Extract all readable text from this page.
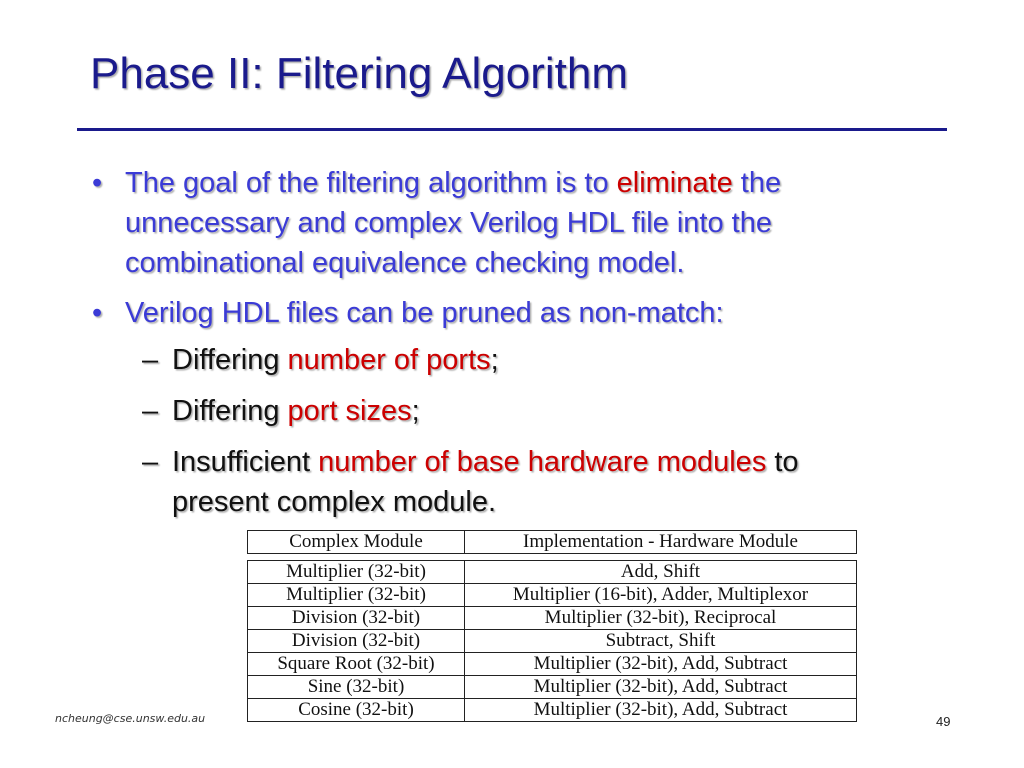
Phase II: Filtering Algorithm
• The goal of the filtering algorithm is to eliminate the
unnecessary and complex Verilog HDL file into the
combinational equivalence checking model.
• Verilog HDL files can be pruned as non-match:
– Differing number of ports;
– Differing port sizes;
– Insufficient number of base hardware modules to
present complex module.
Complex Module	Implementation - Hardware Module

Multiplier (32-bit)	Add, Shift
Multiplier (32-bit)	Multiplier (16-bit), Adder, Multiplexor
Division (32-bit)	Multiplier (32-bit), Reciprocal
Division (32-bit)	Subtract, Shift
Square Root (32-bit)	Multiplier (32-bit), Add, Subtract
Sine (32-bit)	Multiplier (32-bit), Add, Subtract
Cosine (32-bit)	Multiplier (32-bit), Add, Subtract
ncheung@cse.unsw.edu.au	49
